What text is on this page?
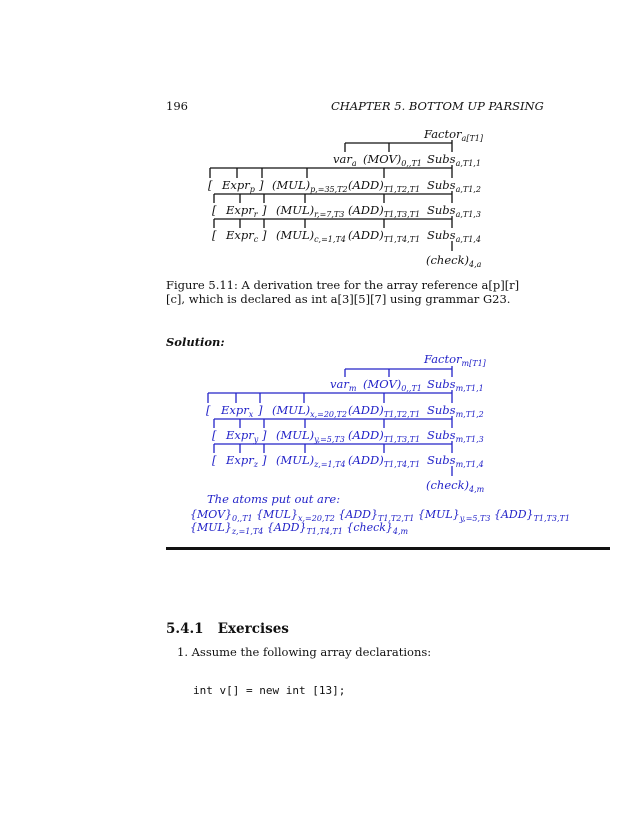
196	CHAPTER 5. BOTTOM UP PARSING
Factor$_{a[T1]}$
var$_a$ $(MOV)_{0,,T1}$ Subs$_{a,T1,1}$
[ Expr$_p$ ] $(MUL)_{p,=35,T2}$ $(ADD)_{T1,T2,T1}$ Subs$_{a,T1,2}$
[ Expr$_r$ ] $(MUL)_{r,=7,T3}$ $(ADD)_{T1,T3,T1}$ Subs$_{a,T1,3}$
[ Expr$_c$ ] $(MUL)_{c,=1,T4}$ $(ADD)_{T1,T4,T1}$ Subs$_{a,T1,4}$
$(check)_{4,a}$
Figure 5.11: A derivation tree for the array reference a[p][r][c], which is declared as int a[3][5][7] using grammar G23.
Solution:
Factor$_{m[T1]}$
var$_m$ $(MOV)_{0,,T1}$ Subs$_{m,T1,1}$
[ Expr$_x$ ] $(MUL)_{x,=20,T2}$ $(ADD)_{T1,T2,T1}$ Subs$_{m,T1,2}$
[ Expr$_y$ ] $(MUL)_{y,=5,T3}$ $(ADD)_{T1,T3,T1}$ Subs$_{m,T1,3}$
[ Expr$_z$ ] $(MUL)_{z,=1,T4}$ $(ADD)_{T1,T4,T1}$ Subs$_{m,T1,4}$
$(check)_{4,m}$
The atoms put out are:
$\{MOV\}_{0,,T1}$ $\{MUL\}_{x,=20,T2}$ $\{ADD\}_{T1,T2,T1}$ $\{MUL\}_{y,=5,T3}$ $\{ADD\}_{T1,T3,T1}$
$\{MUL\}_{z,=1,T4}$ $\{ADD\}_{T1,T4,T1}$ $\{check\}_{4,m}$
5.4.1 Exercises
1. Assume the following array declarations:
int v[] = new int [13];
